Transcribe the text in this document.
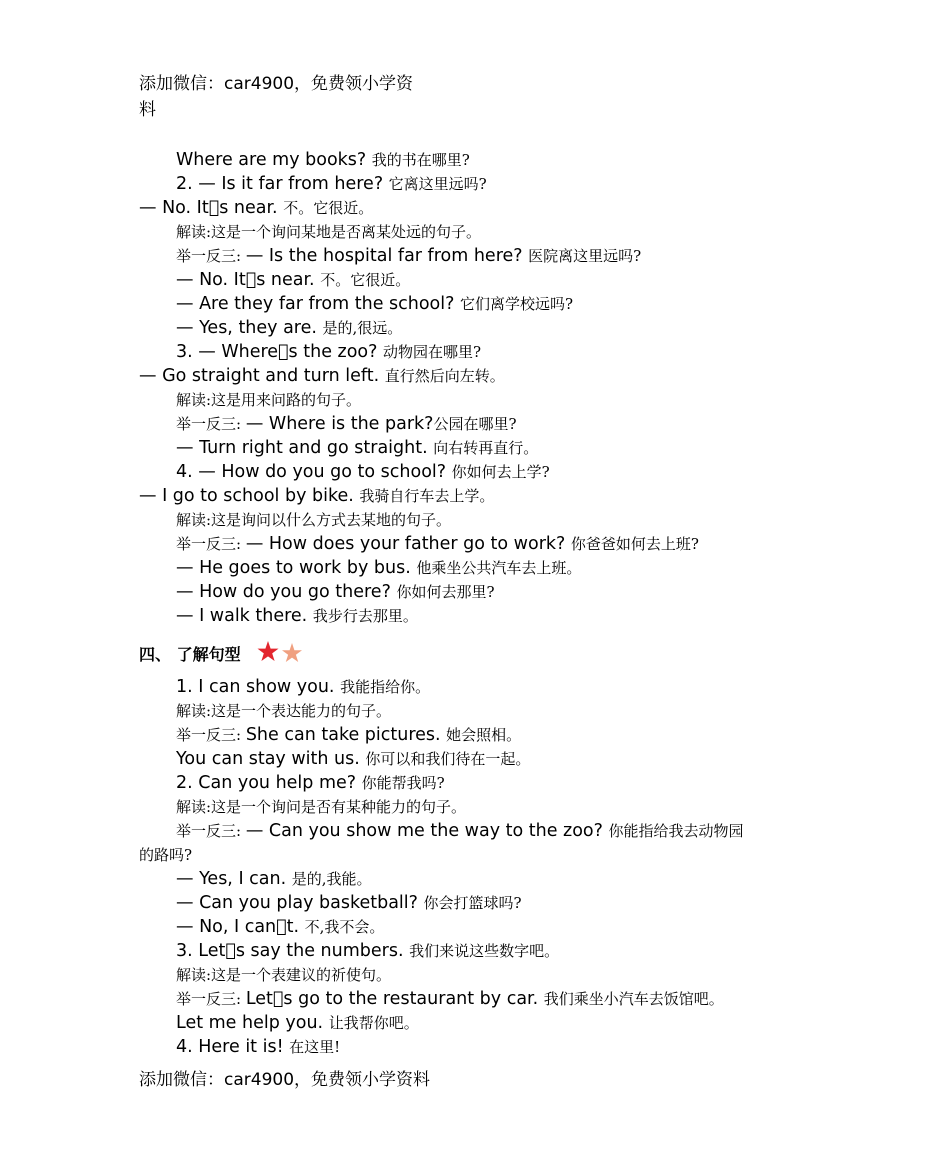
添加微信：car4900，免费领小学资
料
Where are my books? 我的书在哪里?
2. — Is it far from here? 它离这里远吗?
— No. It s near. 不。它很近。
解读:这是一个询问某地是否离某处远的句子。
举一反三: — Is the hospital far from here? 医院离这里远吗?
— No. It s near. 不。它很近。
— Are they far from the school? 它们离学校远吗?
— Yes, they are. 是的,很远。
3. — Where s the zoo? 动物园在哪里?
— Go straight and turn left. 直行然后向左转。
解读:这是用来问路的句子。
举一反三: — Where is the park?公园在哪里?
— Turn right and go straight. 向右转再直行。
4. — How do you go to school? 你如何去上学?
— I go to school by bike. 我骑自行车去上学。
解读:这是询问以什么方式去某地的句子。
举一反三: — How does your father go to work? 你爸爸如何去上班?
— He goes to work by bus. 他乘坐公共汽车去上班。
— How do you go there? 你如何去那里?
— I walk there. 我步行去那里。
四、 了解句型
1. I can show you. 我能指给你。
解读:这是一个表达能力的句子。
举一反三: She can take pictures. 她会照相。
You can stay with us. 你可以和我们待在一起。
2. Can you help me? 你能帮我吗?
解读:这是一个询问是否有某种能力的句子。
举一反三: — Can you show me the way to the zoo? 你能指给我去动物园
的路吗?
— Yes, I can. 是的,我能。
— Can you play basketball? 你会打篮球吗?
— No, I can t. 不,我不会。
3. Let s say the numbers. 我们来说这些数字吧。
解读:这是一个表建议的祈使句。
举一反三: Let s go to the restaurant by car. 我们乘坐小汽车去饭馆吧。
Let me help you. 让我帮你吧。
4. Here it is! 在这里!
添加微信：car4900，免费领小学资料
